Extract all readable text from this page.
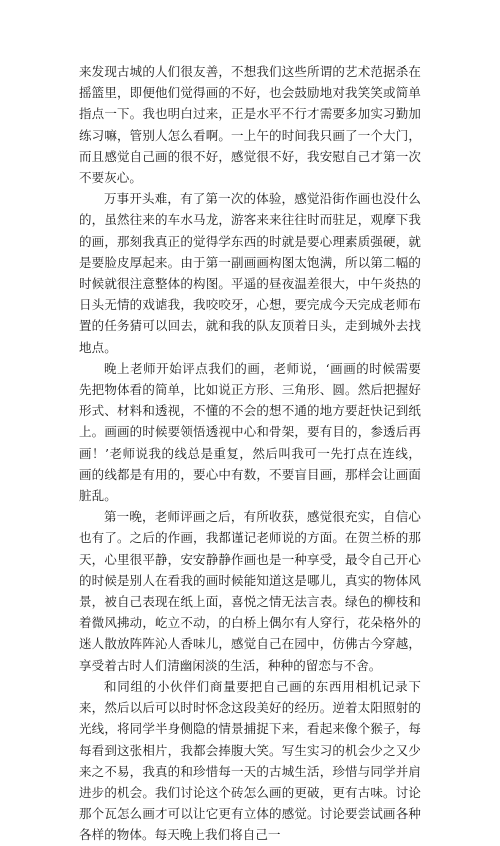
来发现古城的人们很友善，不想我们这些所谓的艺术范据杀在摇篮里，即便他们觉得画的不好，也会鼓励地对我笑笑或简单指点一下。我也明白过来，正是水平不行才需要多加实习勤加练习嘛，管别人怎么看啊。一上午的时间我只画了一个大门，而且感觉自己画的很不好，感觉很不好，我安慰自己才第一次不要灰心。

万事开头难，有了第一次的体验，感觉沿街作画也没什么的，虽然往来的车水马龙，游客来来往往时而驻足，观摩下我的画，那刻我真正的觉得学东西的时就是要心理素质强硬，就是要脸皮厚起来。由于第一副画画构图太饱满，所以第二幅的时候就很注意整体的构图。平遥的昼夜温差很大，中午炎热的日头无情的戏谑我，我咬咬牙，心想，要完成今天完成老师布置的任务猜可以回去，就和我的队友顶着日头，走到城外去找地点。

晚上老师开始评点我们的画，老师说，‘画画的时候需要先把物体看的简单，比如说正方形、三角形、圆。然后把握好形式、材料和透视，不懂的不会的想不通的地方要赶快记到纸上。画画的时候要领悟透视中心和骨架，要有目的，参透后再画！’老师说我的线总是重复，然后叫我可一先打点在连线，画的线都是有用的，要心中有数，不要盲目画，那样会让画面脏乱。

第一晚，老师评画之后，有所收获，感觉很充实，自信心也有了。之后的作画，我都谨记老师说的方面。在贺兰桥的那天，心里很平静，安安静静作画也是一种享受，最令自己开心的时候是别人在看我的画时候能知道这是哪儿，真实的物体风景，被自己表现在纸上面，喜悦之情无法言表。绿色的柳枝和着微风拂动，屹立不动，的白桥上偶尔有人穿行，花朵格外的迷人散放阵阵沁人香味儿，感觉自己在园中，仿佛古今穿越，享受着古时人们清幽闲淡的生活，种种的留恋与不舍。

和同组的小伙伴们商量要把自己画的东西用相机记录下来，然后以后可以时时怀念这段美好的经历。逆着太阳照射的光线，将同学半身侧隐的情景捕捉下来，看起来像个猴子，每每看到这张相片，我都会捧腹大笑。写生实习的机会少之又少来之不易，我真的和珍惜每一天的古城生活，珍惜与同学并肩进步的机会。我们讨论这个砖怎么画的更破，更有古味。讨论那个瓦怎么画才可以让它更有立体的感觉。讨论要尝试画各种各样的物体。每天晚上我们将自己一
